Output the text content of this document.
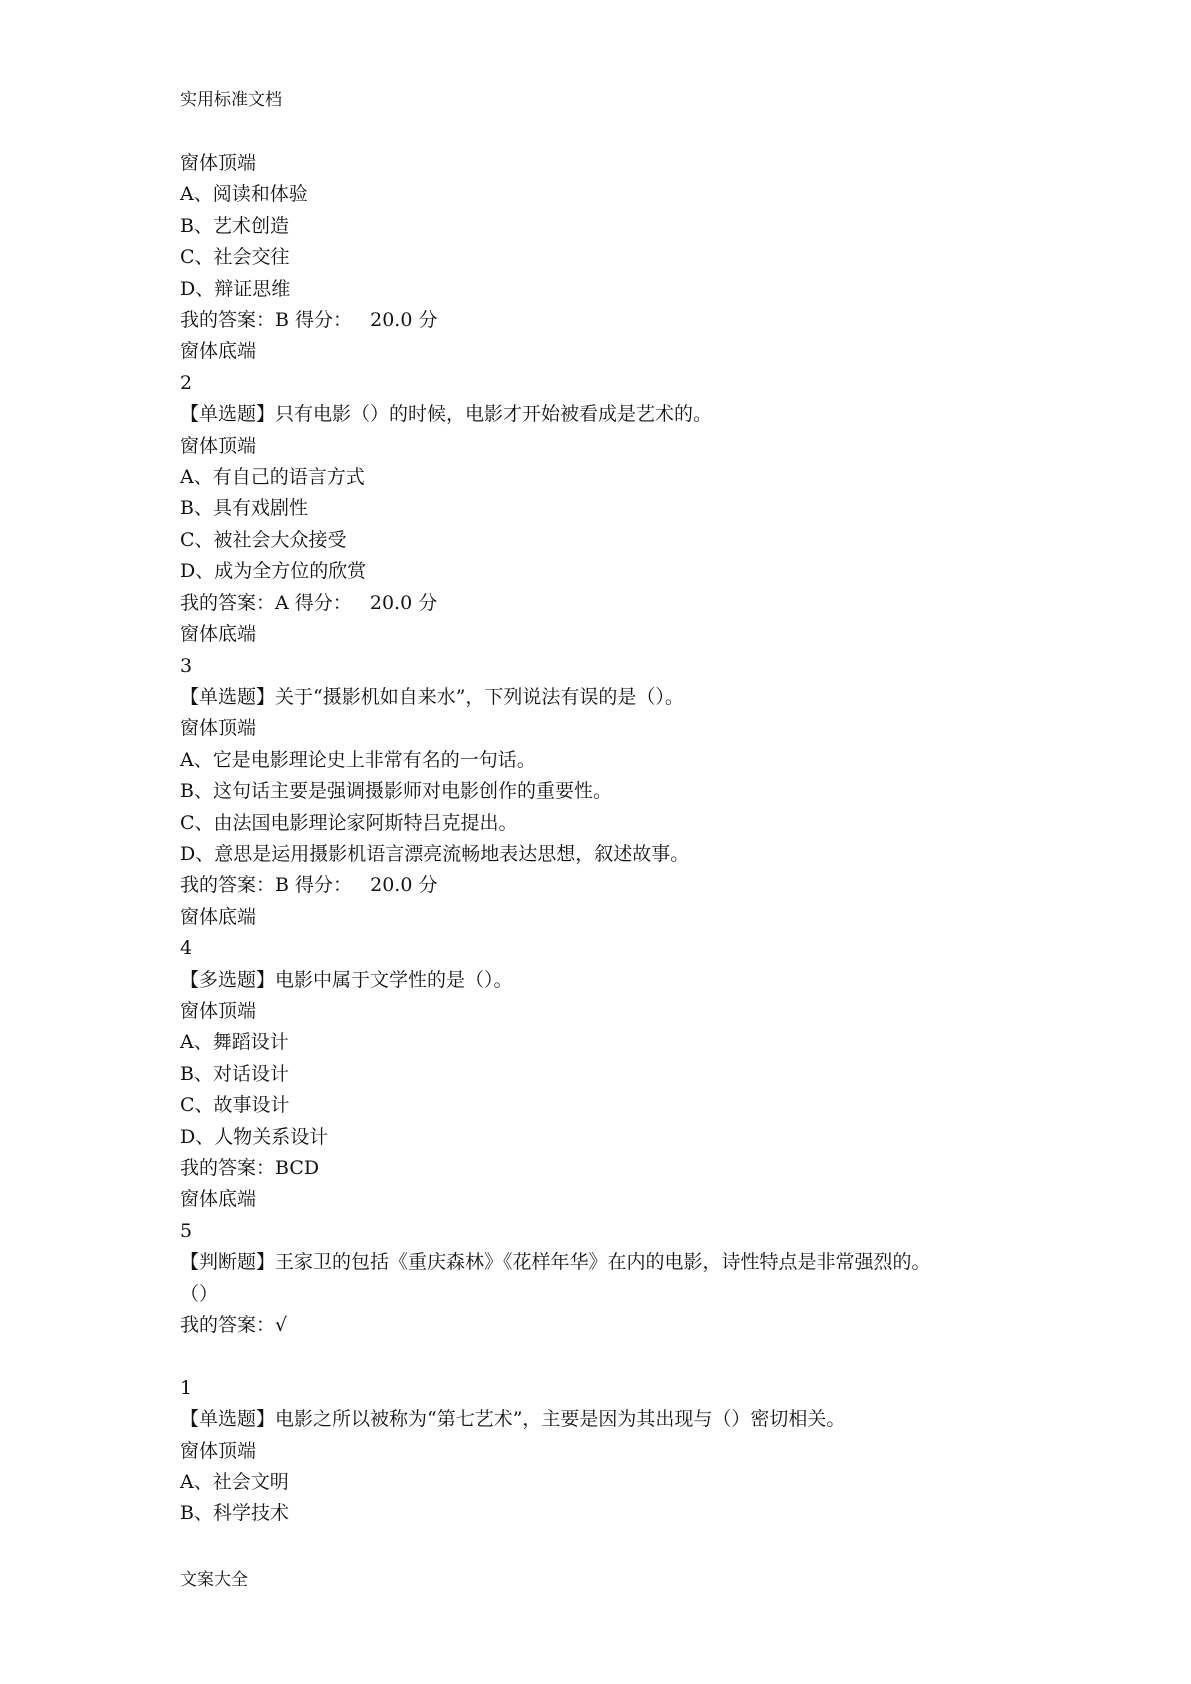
实用标准文档

窗体顶端

A、阅读和体验

B、艺术创造

C、社会交往

D、辩证思维

我的答案：B 得分：   20.0 分

窗体底端

2

【单选题】只有电影（）的时候，电影才开始被看成是艺术的。

窗体顶端

A、有自己的语言方式

B、具有戏剧性

C、被社会大众接受

D、成为全方位的欣赏

我的答案：A 得分：   20.0 分

窗体底端

3

【单选题】关于“摄影机如自来水”，下列说法有误的是（）。

窗体顶端

A、它是电影理论史上非常有名的一句话。

B、这句话主要是强调摄影师对电影创作的重要性。

C、由法国电影理论家阿斯特吕克提出。

D、意思是运用摄影机语言漂亮流畅地表达思想，叙述故事。

我的答案：B 得分：   20.0 分

窗体底端

4

【多选题】电影中属于文学性的是（）。

窗体顶端

A、舞蹈设计

B、对话设计

C、故事设计

D、人物关系设计

我的答案：BCD

窗体底端

5

【判断题】王家卫的包括《重庆森林》《花样年华》在内的电影，诗性特点是非常强烈的。

（）

我的答案：√

1

【单选题】电影之所以被称为“第七艺术”，主要是因为其出现与（）密切相关。

窗体顶端

A、社会文明

B、科学技术

文案大全
